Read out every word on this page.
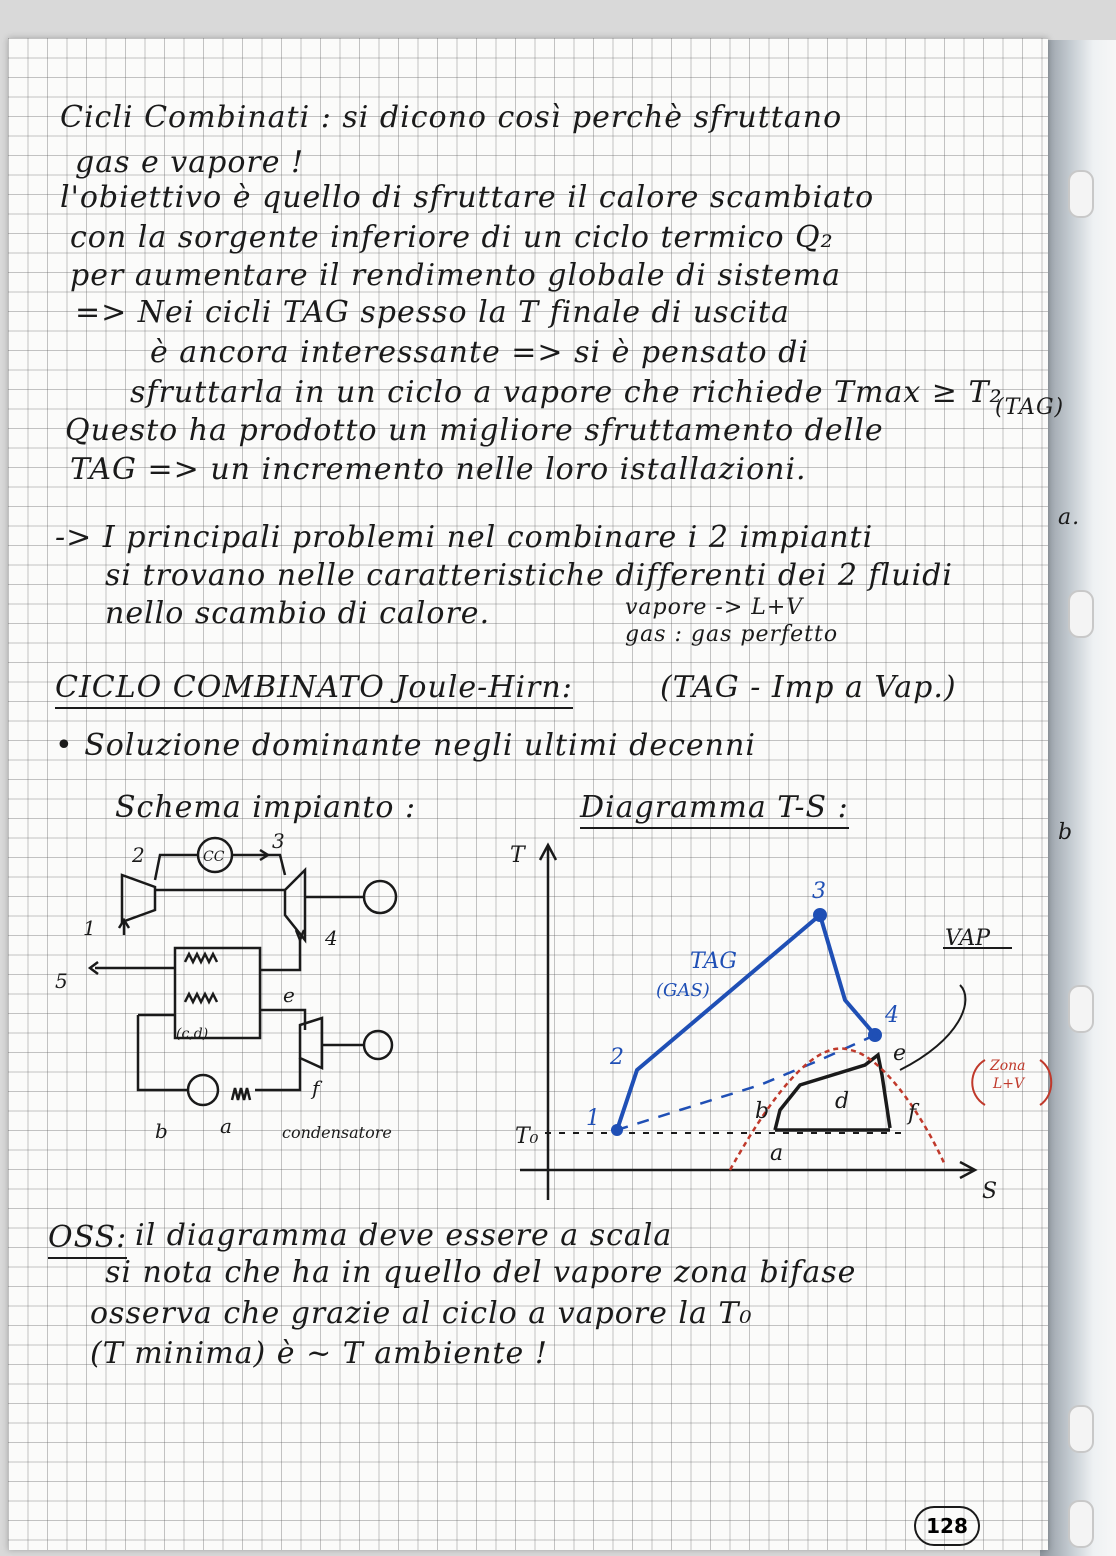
Cicli Combinati : si dicono così perchè sfruttano
gas e vapore !
l'obiettivo è quello di sfruttare il calore scambiato
con la sorgente inferiore di un ciclo termico Q₂
per aumentare il rendimento globale di sistema
=> Nei cicli TAG spesso la T finale di uscita
è ancora interessante => si è pensato di
sfruttarla in un ciclo a vapore che richiede Tmax ≥ T₂
(TAG)
Questo ha prodotto un migliore sfruttamento delle
TAG => un incremento nelle loro istallazioni.
-> I principali problemi nel combinare i 2 impianti
si trovano nelle caratteristiche differenti dei 2 fluidi
nello scambio di calore.	vapore -> L+V
gas : gas perfetto
a.
b
CICLO COMBINATO Joule-Hirn:	(TAG - Imp a Vap.)
• Soluzione dominante negli ultimi decenni
Schema impianto :	Diagramma T-S :
1
2
3
4
5
e
a
b
f
CC
(c,d)
condensatore
T
S
T₀
1
2
3
4
TAG
(GAS)
VAP
a
b	d
e
f
Zona
L+V
OSS: il diagramma deve essere a scala
si nota che ha in quello del vapore zona bifase
osserva che grazie al ciclo a vapore la T₀
(T minima) è ~ T ambiente !
128
